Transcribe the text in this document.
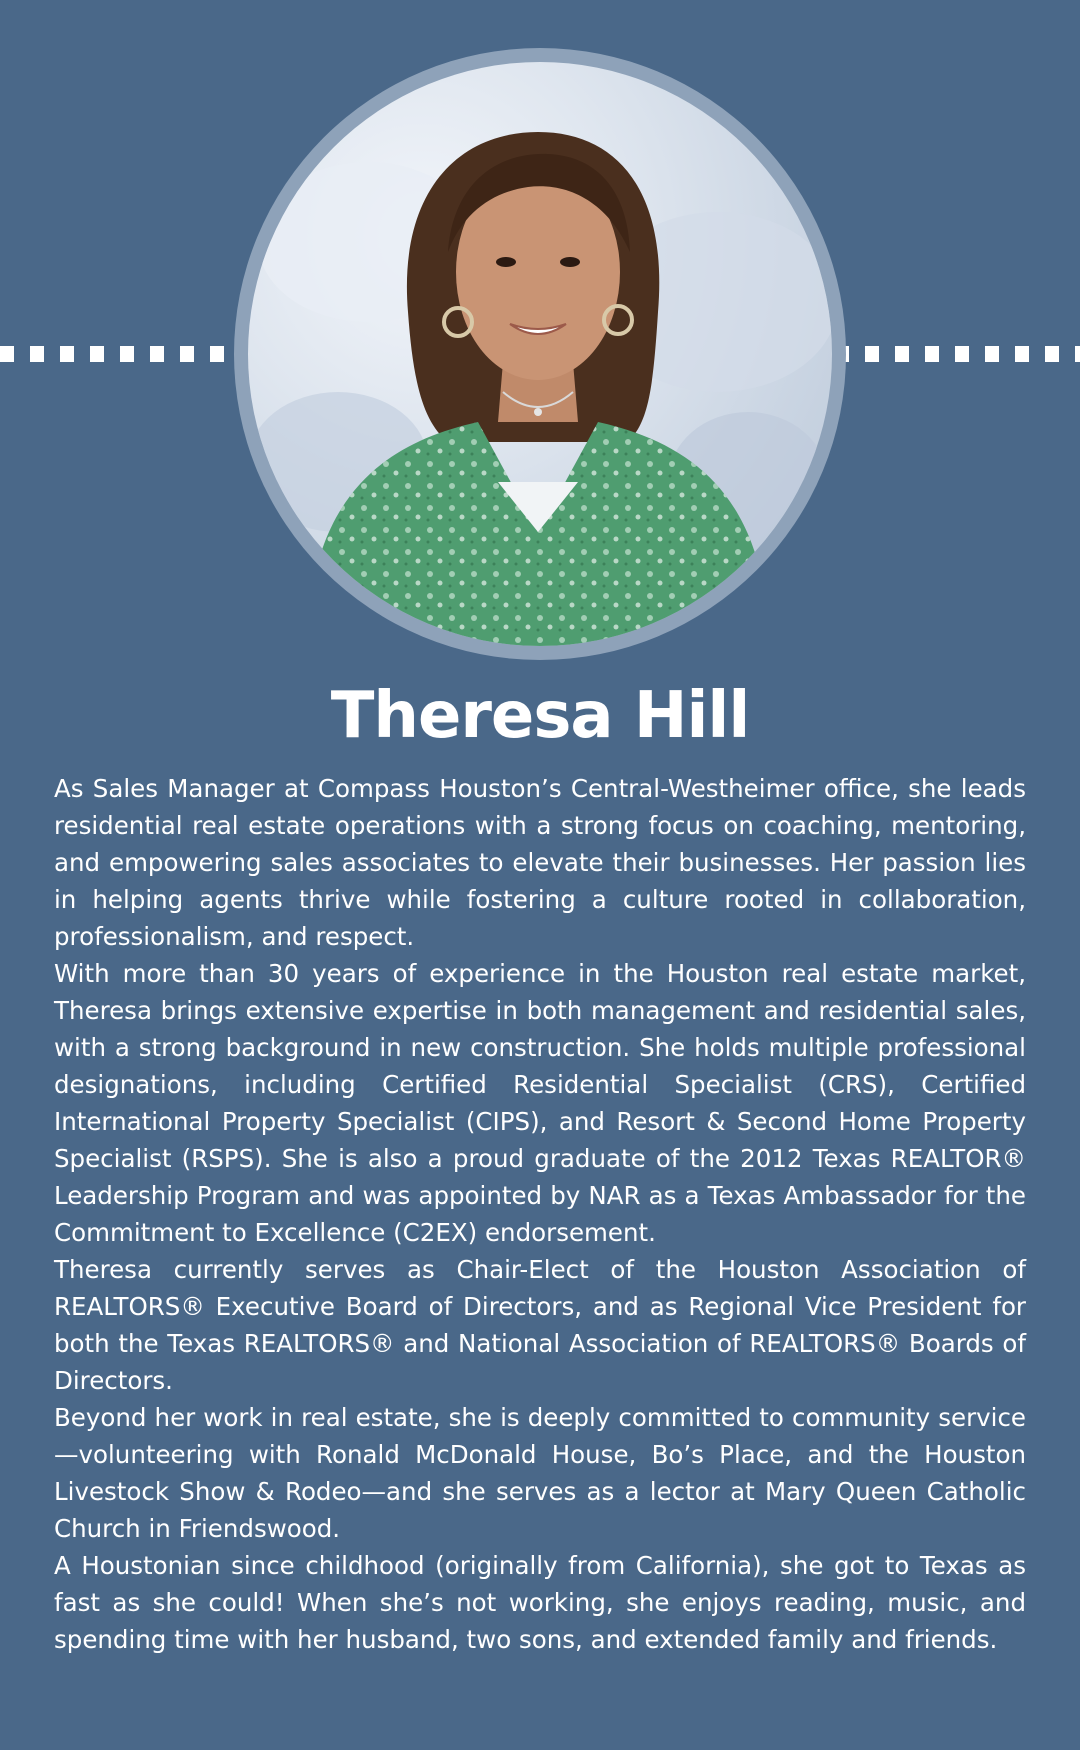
Theresa Hill

As Sales Manager at Compass Houston’s Central-Westheimer office, she leads residential real estate operations with a strong focus on coaching, mentoring, and empowering sales associates to elevate their businesses. Her passion lies in helping agents thrive while fostering a culture rooted in collaboration, professionalism, and respect.

With more than 30 years of experience in the Houston real estate market, Theresa brings extensive expertise in both management and residential sales, with a strong background in new construction. She holds multiple professional designations, including Certified Residential Specialist (CRS), Certified International Property Specialist (CIPS), and Resort & Second Home Property Specialist (RSPS). She is also a proud graduate of the 2012 Texas REALTOR® Leadership Program and was appointed by NAR as a Texas Ambassador for the Commitment to Excellence (C2EX) endorsement.

Theresa currently serves as Chair-Elect of the Houston Association of REALTORS® Executive Board of Directors, and as Regional Vice President for both the Texas REALTORS® and National Association of REALTORS® Boards of Directors.

Beyond her work in real estate, she is deeply committed to community service—volunteering with Ronald McDonald House, Bo’s Place, and the Houston Livestock Show & Rodeo—and she serves as a lector at Mary Queen Catholic Church in Friendswood.

A Houstonian since childhood (originally from California), she got to Texas as fast as she could! When she’s not working, she enjoys reading, music, and spending time with her husband, two sons, and extended family and friends.
